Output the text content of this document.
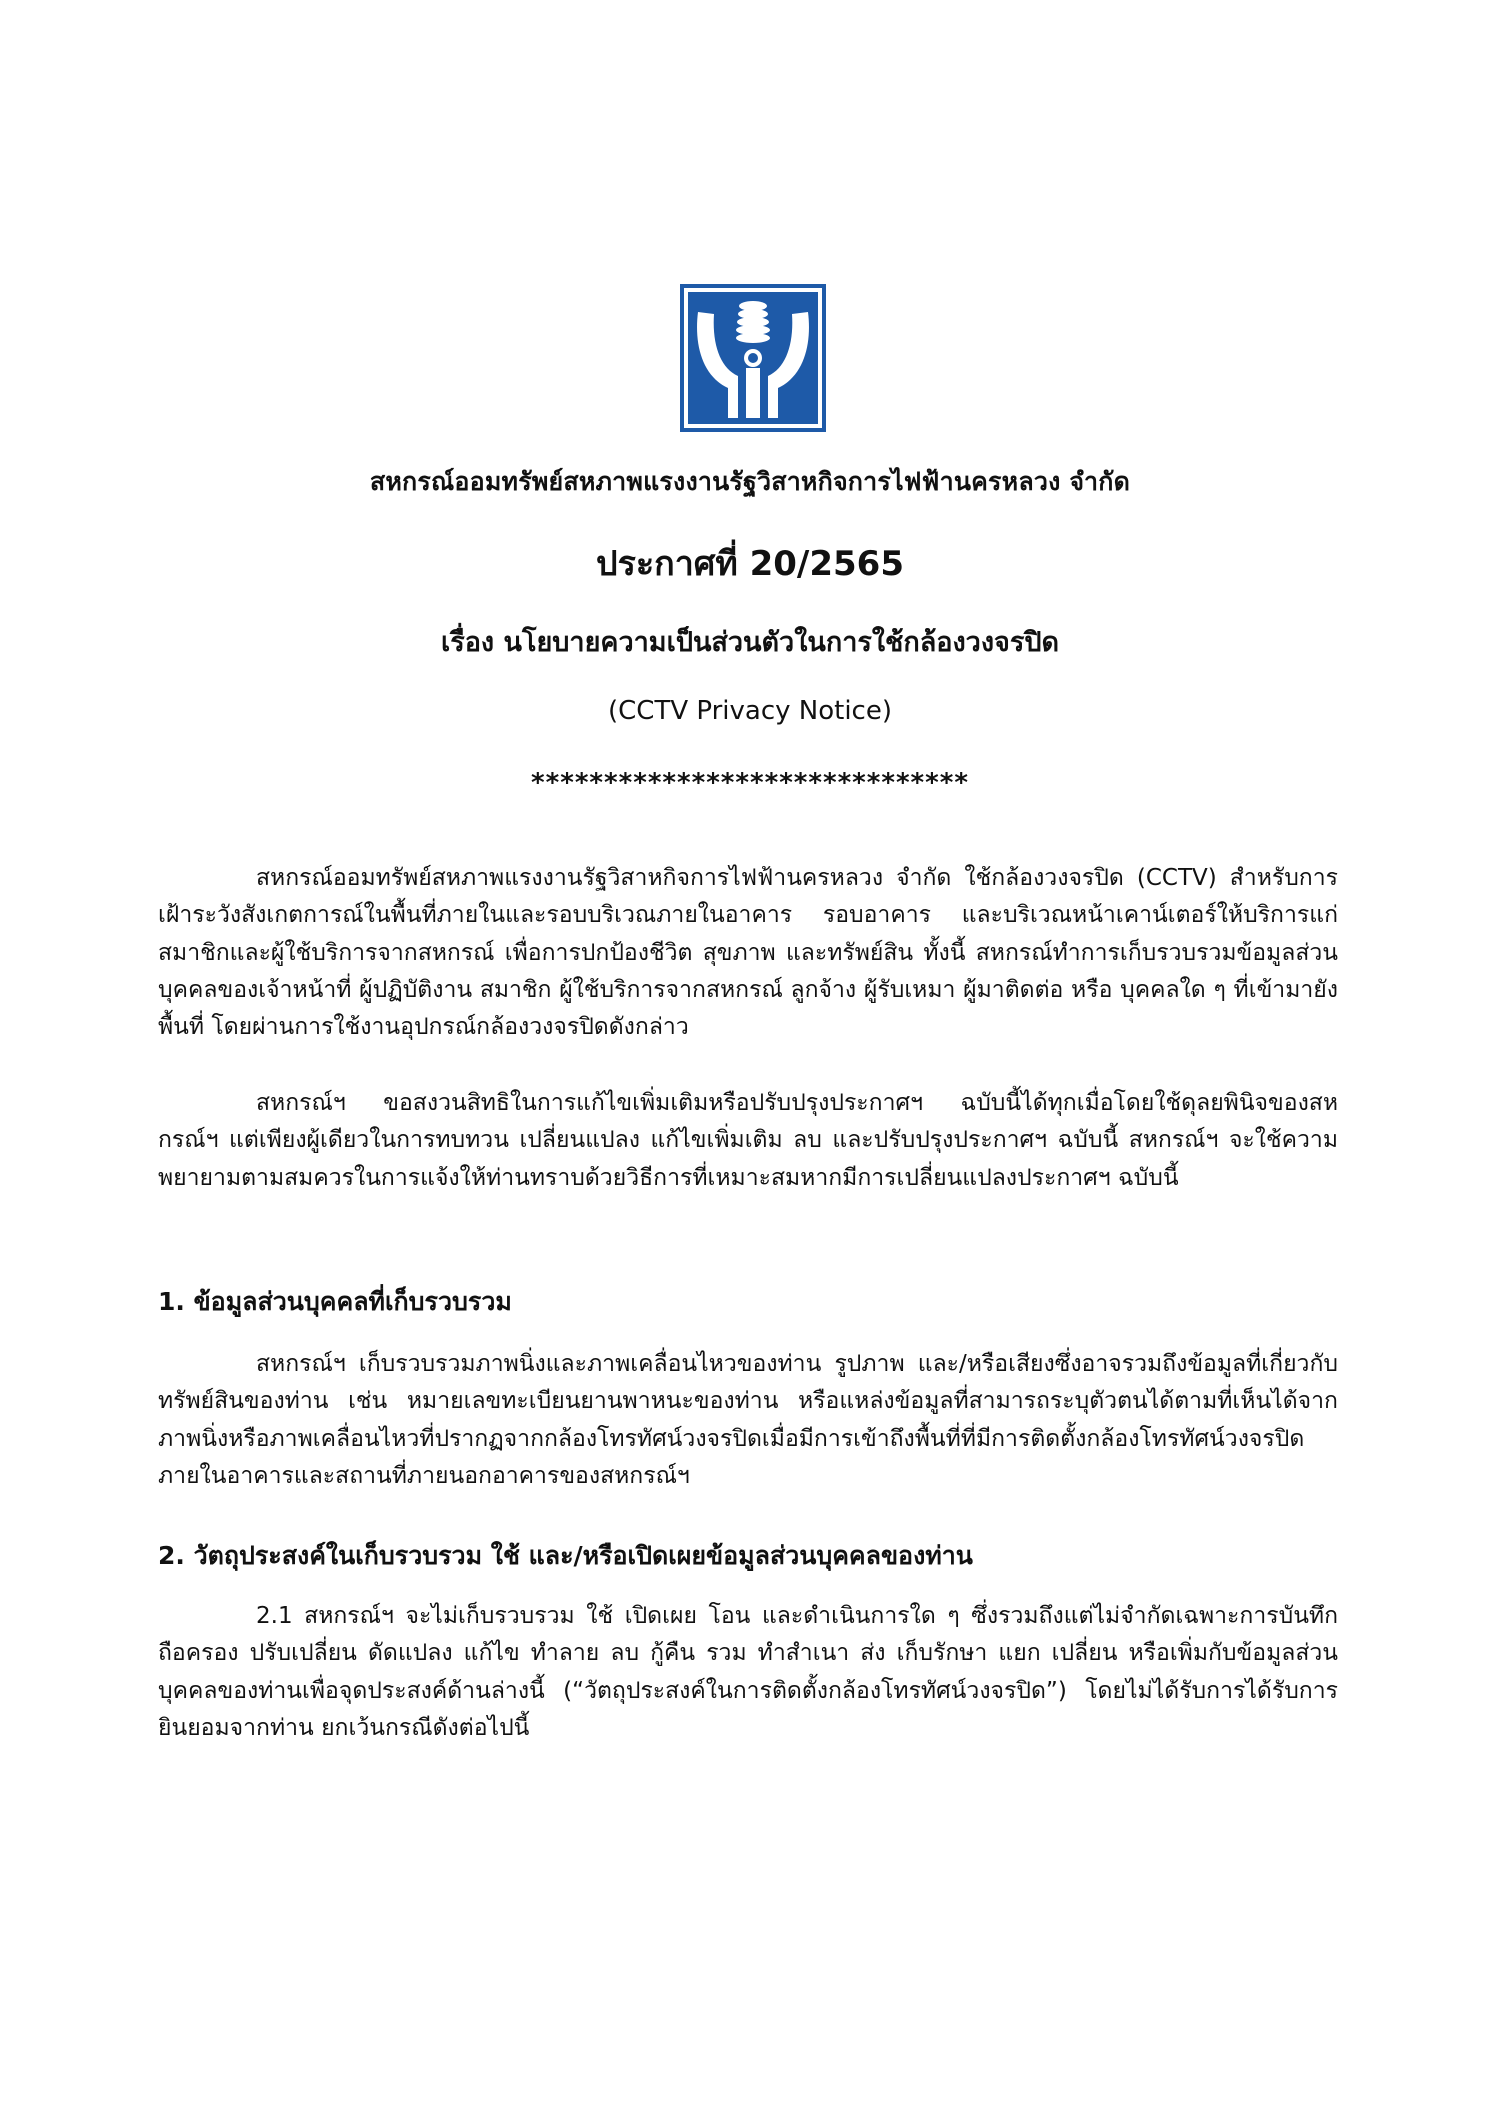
สหกรณ์ออมทรัพย์สหภาพแรงงานรัฐวิสาหกิจการไฟฟ้านครหลวง จำกัด
ประกาศที่ 20/2565
เรื่อง นโยบายความเป็นส่วนตัวในการใช้กล้องวงจรปิด
(CCTV Privacy Notice)
******************************

สหกรณ์ออมทรัพย์สหภาพแรงงานรัฐวิสาหกิจการไฟฟ้านครหลวง จำกัด ใช้กล้องวงจรปิด (CCTV) สำหรับการเฝ้าระวังสังเกตการณ์ในพื้นที่ภายในและรอบบริเวณภายในอาคาร รอบอาคาร และบริเวณหน้าเคาน์เตอร์ให้บริการแก่สมาชิกและผู้ใช้บริการจากสหกรณ์ เพื่อการปกป้องชีวิต สุขภาพ และทรัพย์สิน ทั้งนี้ สหกรณ์ทำการเก็บรวบรวมข้อมูลส่วนบุคคลของเจ้าหน้าที่ ผู้ปฏิบัติงาน สมาชิก ผู้ใช้บริการจากสหกรณ์ ลูกจ้าง ผู้รับเหมา ผู้มาติดต่อ หรือ บุคคลใด ๆ ที่เข้ามายังพื้นที่ โดยผ่านการใช้งานอุปกรณ์กล้องวงจรปิดดังกล่าว

สหกรณ์ฯ ขอสงวนสิทธิในการแก้ไขเพิ่มเติมหรือปรับปรุงประกาศฯ ฉบับนี้ได้ทุกเมื่อโดยใช้ดุลยพินิจของสหกรณ์ฯ แต่เพียงผู้เดียวในการทบทวน เปลี่ยนแปลง แก้ไขเพิ่มเติม ลบ และปรับปรุงประกาศฯ ฉบับนี้ สหกรณ์ฯ จะใช้ความพยายามตามสมควรในการแจ้งให้ท่านทราบด้วยวิธีการที่เหมาะสมหากมีการเปลี่ยนแปลงประกาศฯ ฉบับนี้

1. ข้อมูลส่วนบุคคลที่เก็บรวบรวม

สหกรณ์ฯ เก็บรวบรวมภาพนิ่งและภาพเคลื่อนไหวของท่าน รูปภาพ และ/หรือเสียงซึ่งอาจรวมถึงข้อมูลที่เกี่ยวกับทรัพย์สินของท่าน เช่น หมายเลขทะเบียนยานพาหนะของท่าน หรือแหล่งข้อมูลที่สามารถระบุตัวตนได้ตามที่เห็นได้จากภาพนิ่งหรือภาพเคลื่อนไหวที่ปรากฏจากกล้องโทรทัศน์วงจรปิดเมื่อมีการเข้าถึงพื้นที่ที่มีการติดตั้งกล้องโทรทัศน์วงจรปิดภายในอาคารและสถานที่ภายนอกอาคารของสหกรณ์ฯ

2. วัตถุประสงค์ในเก็บรวบรวม ใช้ และ/หรือเปิดเผยข้อมูลส่วนบุคคลของท่าน

2.1 สหกรณ์ฯ จะไม่เก็บรวบรวม ใช้ เปิดเผย โอน และดำเนินการใด ๆ ซึ่งรวมถึงแต่ไม่จำกัดเฉพาะการบันทึก ถือครอง ปรับเปลี่ยน ดัดแปลง แก้ไข ทำลาย ลบ กู้คืน รวม ทำสำเนา ส่ง เก็บรักษา แยก เปลี่ยน หรือเพิ่มกับข้อมูลส่วนบุคคลของท่านเพื่อจุดประสงค์ด้านล่างนี้ (“วัตถุประสงค์ในการติดตั้งกล้องโทรทัศน์วงจรปิด”) โดยไม่ได้รับการได้รับการยินยอมจากท่าน ยกเว้นกรณีดังต่อไปนี้
